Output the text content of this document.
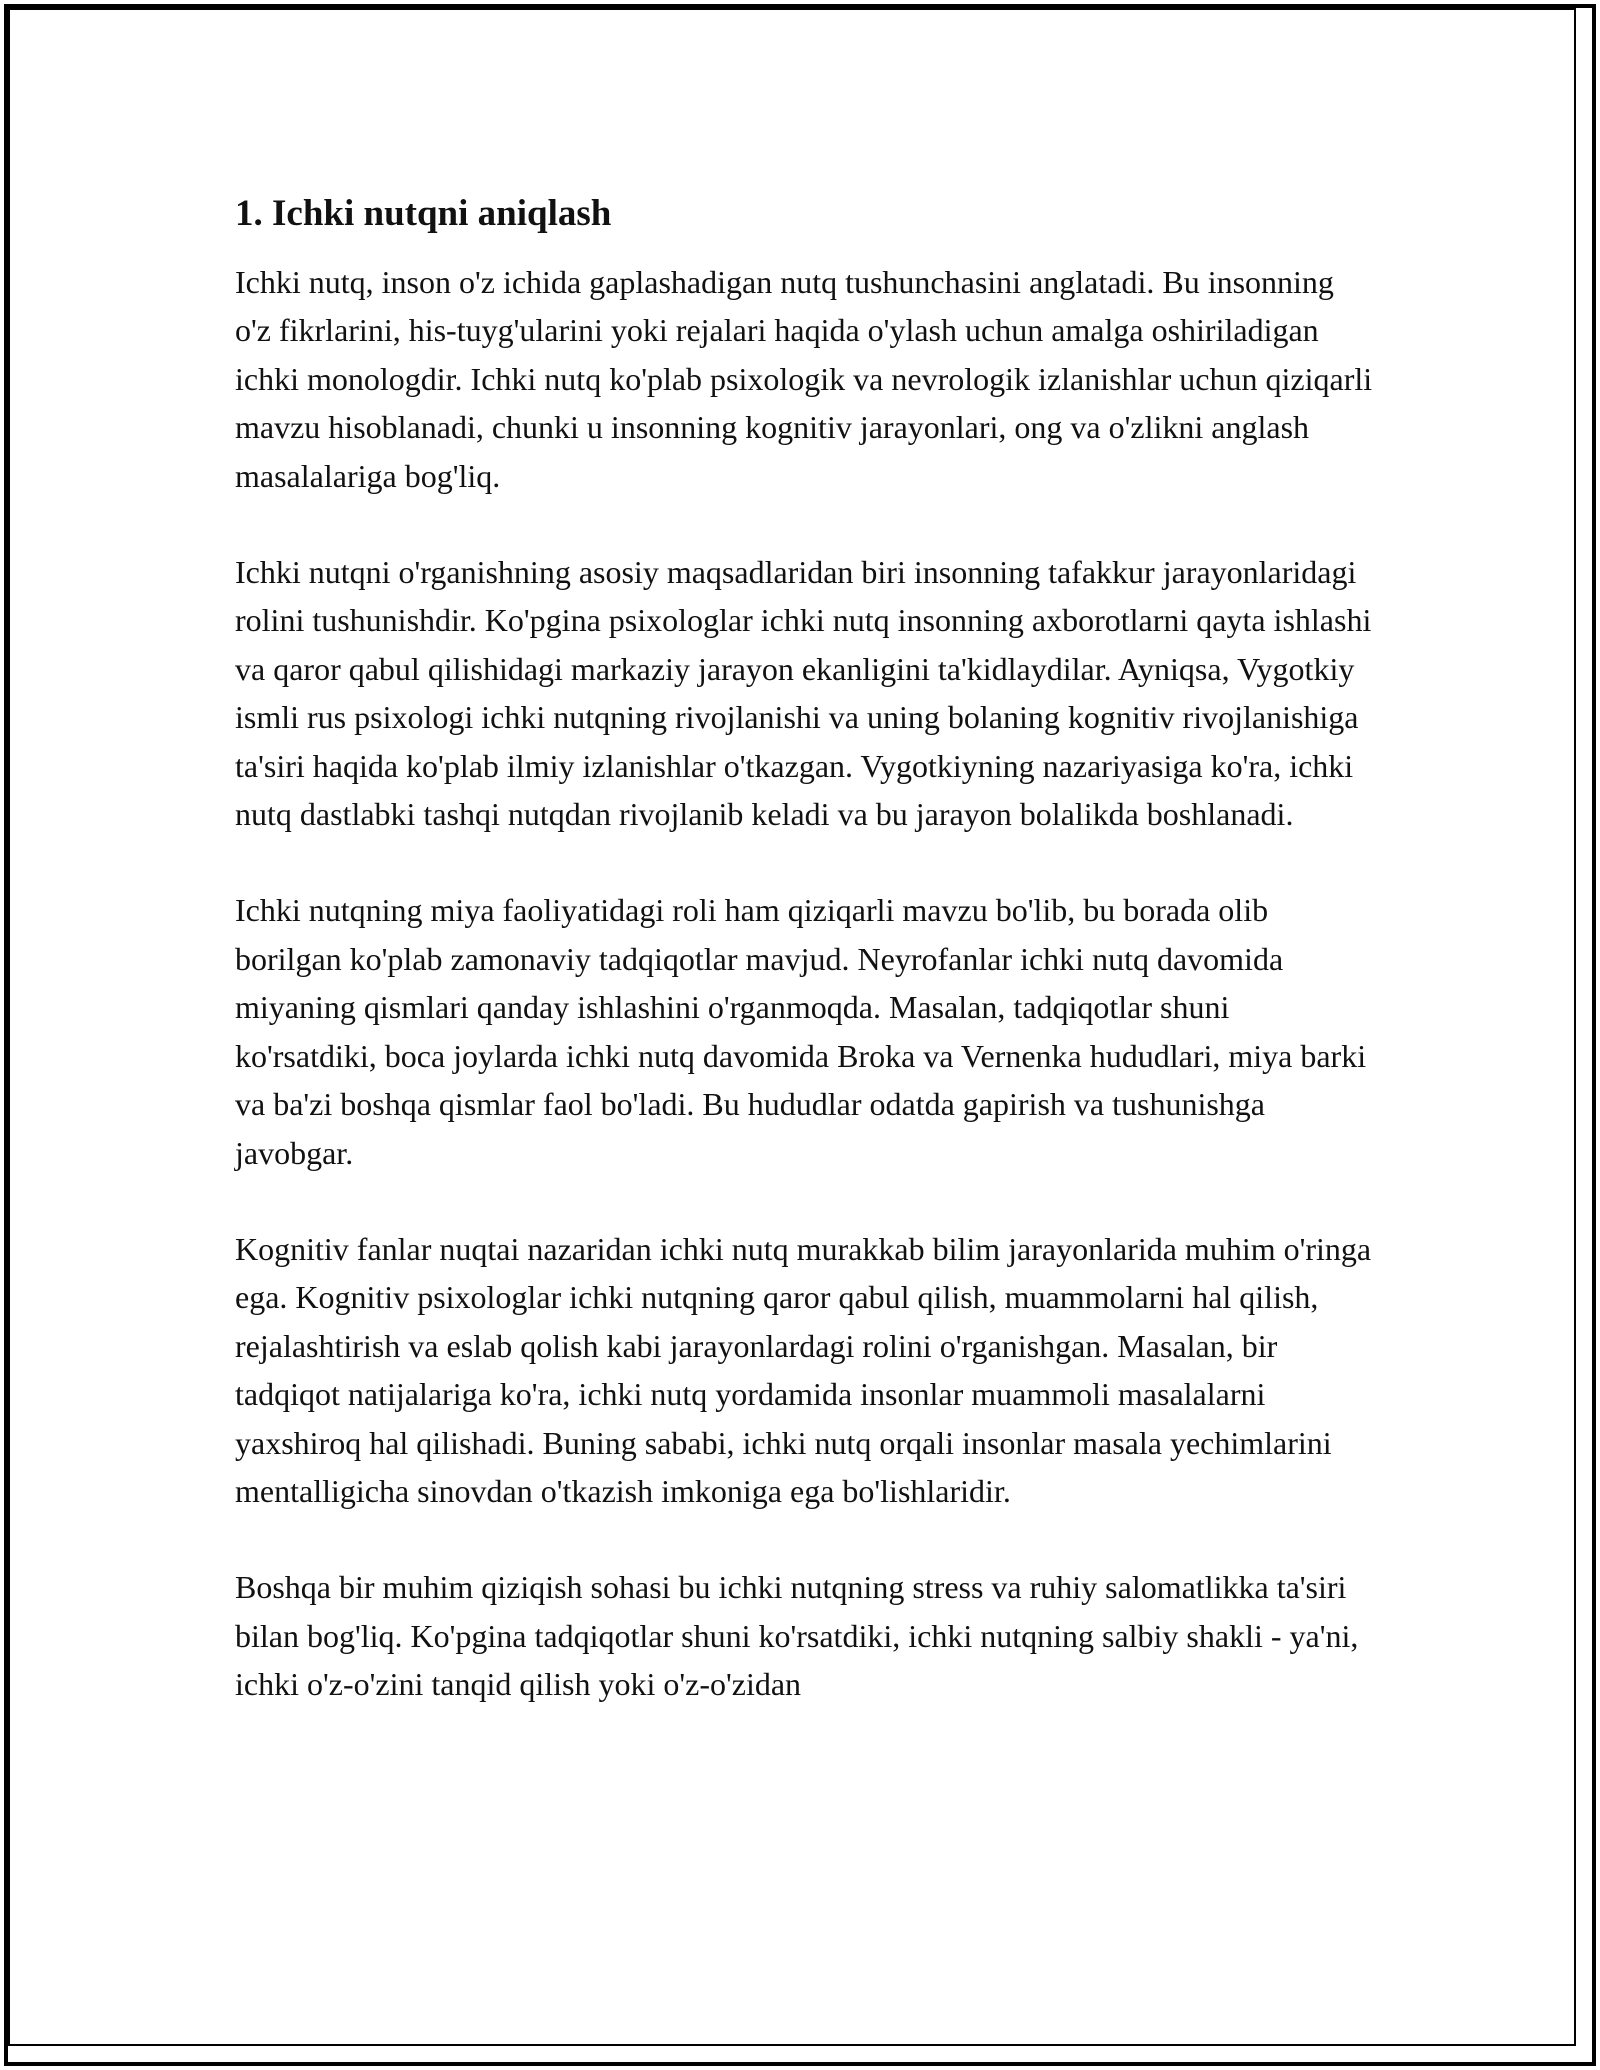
1. Ichki nutqni aniqlash

Ichki nutq, inson o'z ichida gaplashadigan nutq tushunchasini anglatadi. Bu insonning o'z fikrlarini, his-tuyg'ularini yoki rejalari haqida o'ylash uchun amalga oshiriladigan ichki monologdir. Ichki nutq ko'plab psixologik va nevrologik izlanishlar uchun qiziqarli mavzu hisoblanadi, chunki u insonning kognitiv jarayonlari, ong va o'zlikni anglash masalalariga bog'liq.

Ichki nutqni o'rganishning asosiy maqsadlaridan biri insonning tafakkur jarayonlaridagi rolini tushunishdir. Ko'pgina psixologlar ichki nutq insonning axborotlarni qayta ishlashi va qaror qabul qilishidagi markaziy jarayon ekanligini ta'kidlaydilar. Ayniqsa, Vygotkiy ismli rus psixologi ichki nutqning rivojlanishi va uning bolaning kognitiv rivojlanishiga ta'siri haqida ko'plab ilmiy izlanishlar o'tkazgan. Vygotkiyning nazariyasiga ko'ra, ichki nutq dastlabki tashqi nutqdan rivojlanib keladi va bu jarayon bolalikda boshlanadi.

Ichki nutqning miya faoliyatidagi roli ham qiziqarli mavzu bo'lib, bu borada olib borilgan ko'plab zamonaviy tadqiqotlar mavjud. Neyrofanlar ichki nutq davomida miyaning qismlari qanday ishlashini o'rganmoqda. Masalan, tadqiqotlar shuni ko'rsatdiki, boca joylarda ichki nutq davomida Broka va Vernenka hududlari, miya barki va ba'zi boshqa qismlar faol bo'ladi. Bu hududlar odatda gapirish va tushunishga javobgar.

Kognitiv fanlar nuqtai nazaridan ichki nutq murakkab bilim jarayonlarida muhim o'ringa ega. Kognitiv psixologlar ichki nutqning qaror qabul qilish, muammolarni hal qilish, rejalashtirish va eslab qolish kabi jarayonlardagi rolini o'rganishgan. Masalan, bir tadqiqot natijalariga ko'ra, ichki nutq yordamida insonlar muammoli masalalarni yaxshiroq hal qilishadi. Buning sababi, ichki nutq orqali insonlar masala yechimlarini mentalligicha sinovdan o'tkazish imkoniga ega bo'lishlaridir.

Boshqa bir muhim qiziqish sohasi bu ichki nutqning stress va ruhiy salomatlikka ta'siri bilan bog'liq. Ko'pgina tadqiqotlar shuni ko'rsatdiki, ichki nutqning salbiy shakli - ya'ni, ichki o'z-o'zini tanqid qilish yoki o'z-o'zidan
